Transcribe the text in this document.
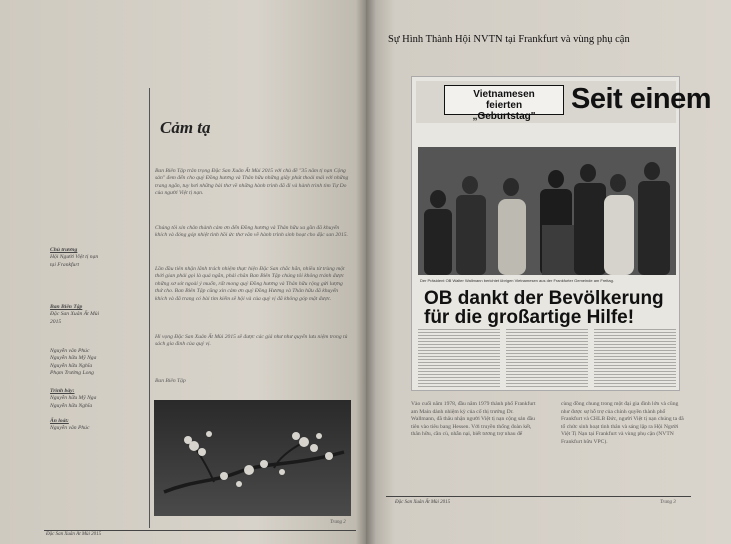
Cảm tạ

Ban Biên Tập trân trọng Đặc San Xuân Ất Mùi 2015 với chủ đề "35 năm tị nạn Cộng sản" đem đến cho quý Đồng hương và Thân hữu những giây phút thoải mái với những trang ngắn, tuy hơi những bài thơ về những hành trình đã đi và hành trình tìm Tự Do của người Việt tị nạn.

Chúng tôi xin chân thành cảm ơn đến Đồng hương và Thân hữu xa gần đã khuyến khích và đóng góp nhiệt tình hồi ức thơ văn về hành trình sinh hoạt cho đặc san 2015.

Lần đầu tiên nhận lãnh trách nhiệm thực hiện Đặc San chắc hẳn, nhiều từ trùng một thời gian phải gọi là quá ngắn, phải chăn Ban Biên Tập chúng tôi không tránh được những sơ sót ngoài ý muốn, rất mong quý Đồng hương và Thân hữu rộng gửi lượng thứ cho. Ban Biên Tập cũng xin cảm ơn quý Đồng Hương và Thân hữu đã khuyến khích và đã trang có bài tìm kiếm sẽ hội và của quý vị đã không góp mặt được.

Hi vọng Đặc San Xuân Ất Mùi 2015 sẽ được các giá như như quyển lưu niệm trong tủ sách gia đình của quý vị.

Ban Biên Tập

Chủ trương
Hội Người Việt tị nạn
tại Frankfurt
Ban Biên Tập
Đặc San Xuân Ất Mùi
2015
Nguyễn văn Phúc
Nguyễn hữu Mỹ Nga
Nguyễn hữu Nghĩa
Phạm Trường Long
Trình bày:
Nguyễn hữu Mỹ Nga
Nguyễn hữu Nghĩa
Ấn loát:
Nguyễn văn Phúc
Trang 2
Đặc San Xuân Ất Mùi 2015
Sự Hình Thành Hội NVTN tại Frankfurt và vùng phụ cận
Vietnamesen
feierten
„Geburtstag"
Seit einem
Der Präsident OB Walter Wallmann berichtet übrigen Vietnamesen aus der Frankfurter Gemeinde am Freitag.
OB dankt der Bevölkerung
für die großartige Hilfe!

Vào cuối năm 1978, đầu năm 1979 thành phố Frankfurt am Main dành nhiệm kỳ của cố thị trưởng Dr. Wallmann, đã thâu nhận người Việt tị nạn cộng sản đầu tiên vào tiêu bang Hessen. Với truyền thống đoàn kết, thân hữu, cần cù, nhẫn nại, biết tương trợ nhau để

cùng đồng chung trong một đại gia đình lớn và cũng như được sự hỗ trợ của chính quyền thành phố Frankfurt và CHLB Đức, người Việt tị nạn chúng ta đã tổ chức sinh hoạt tình thân và sáng lập ra Hội Người Việt Tị Nạn tại Frankfurt và vùng phụ cận (NVTN Frankfurt hữu VPC).

Đặc San Xuân Ất Mùi 2015	Trang 3
